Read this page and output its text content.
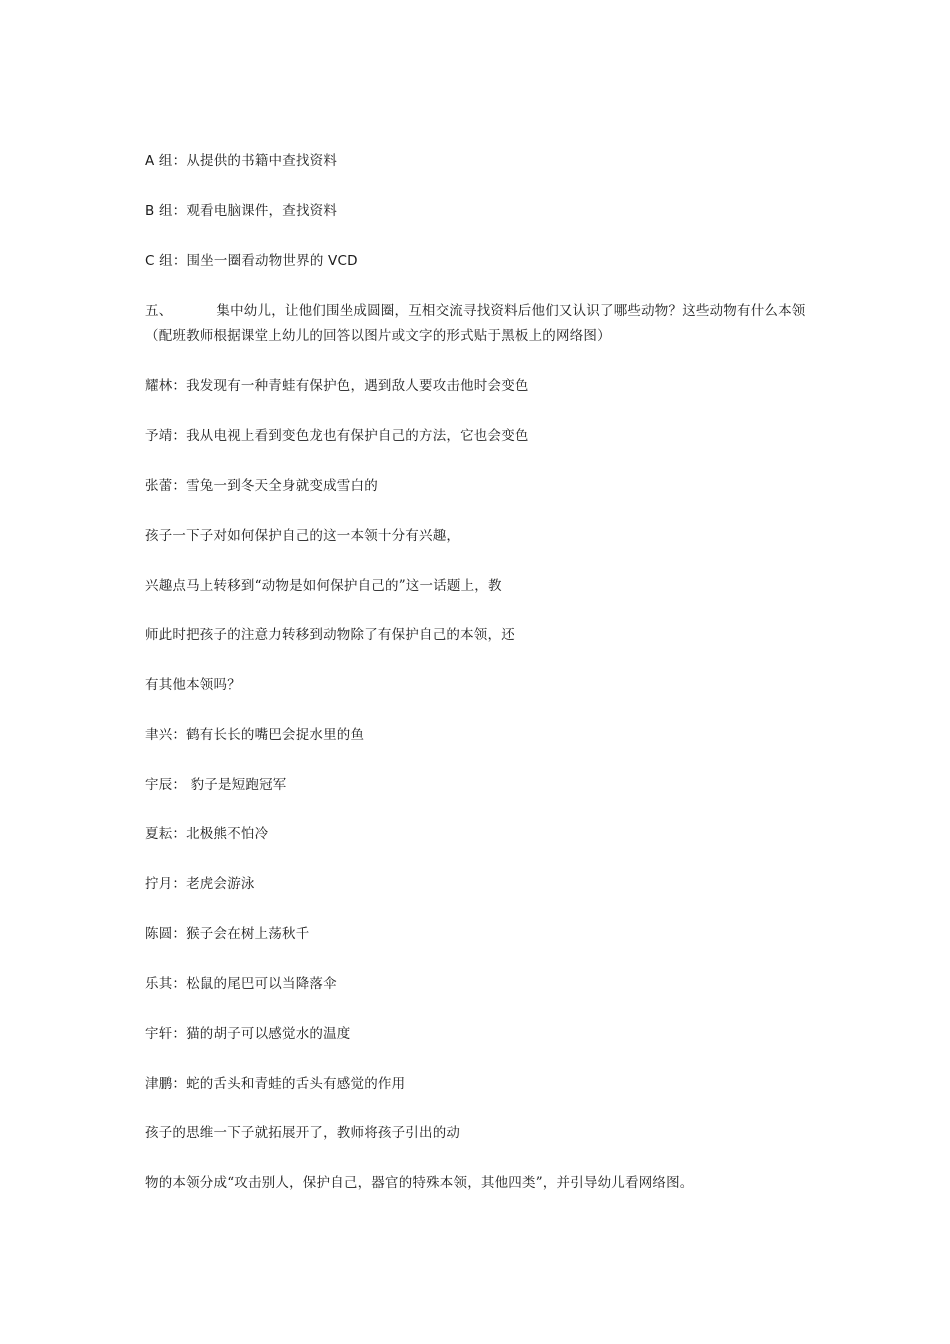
A 组：从提供的书籍中查找资料
B 组：观看电脑课件，查找资料
C 组：围坐一圈看动物世界的 VCD
五、	集中幼儿，让他们围坐成圆圈，互相交流寻找资料后他们又认识了哪些动物？这些动物有什么本领
（配班教师根据课堂上幼儿的回答以图片或文字的形式贴于黑板上的网络图）
耀林：我发现有一种青蛙有保护色，遇到敌人要攻击他时会变色
予靖：我从电视上看到变色龙也有保护自己的方法，它也会变色
张蕾：雪兔一到冬天全身就变成雪白的
孩子一下子对如何保护自己的这一本领十分有兴趣，
兴趣点马上转移到“动物是如何保护自己的”这一话题上，教
师此时把孩子的注意力转移到动物除了有保护自己的本领，还
有其他本领吗？
聿兴：鹤有长长的嘴巴会捉水里的鱼
宇辰： 豹子是短跑冠军
夏耘：北极熊不怕冷
拧月：老虎会游泳
陈圆：猴子会在树上荡秋千
乐其：松鼠的尾巴可以当降落伞
宇轩：猫的胡子可以感觉水的温度
津鹏：蛇的舌头和青蛙的舌头有感觉的作用
孩子的思维一下子就拓展开了，教师将孩子引出的动
物的本领分成“攻击别人，保护自己，器官的特殊本领，其他四类”，并引导幼儿看网络图。
